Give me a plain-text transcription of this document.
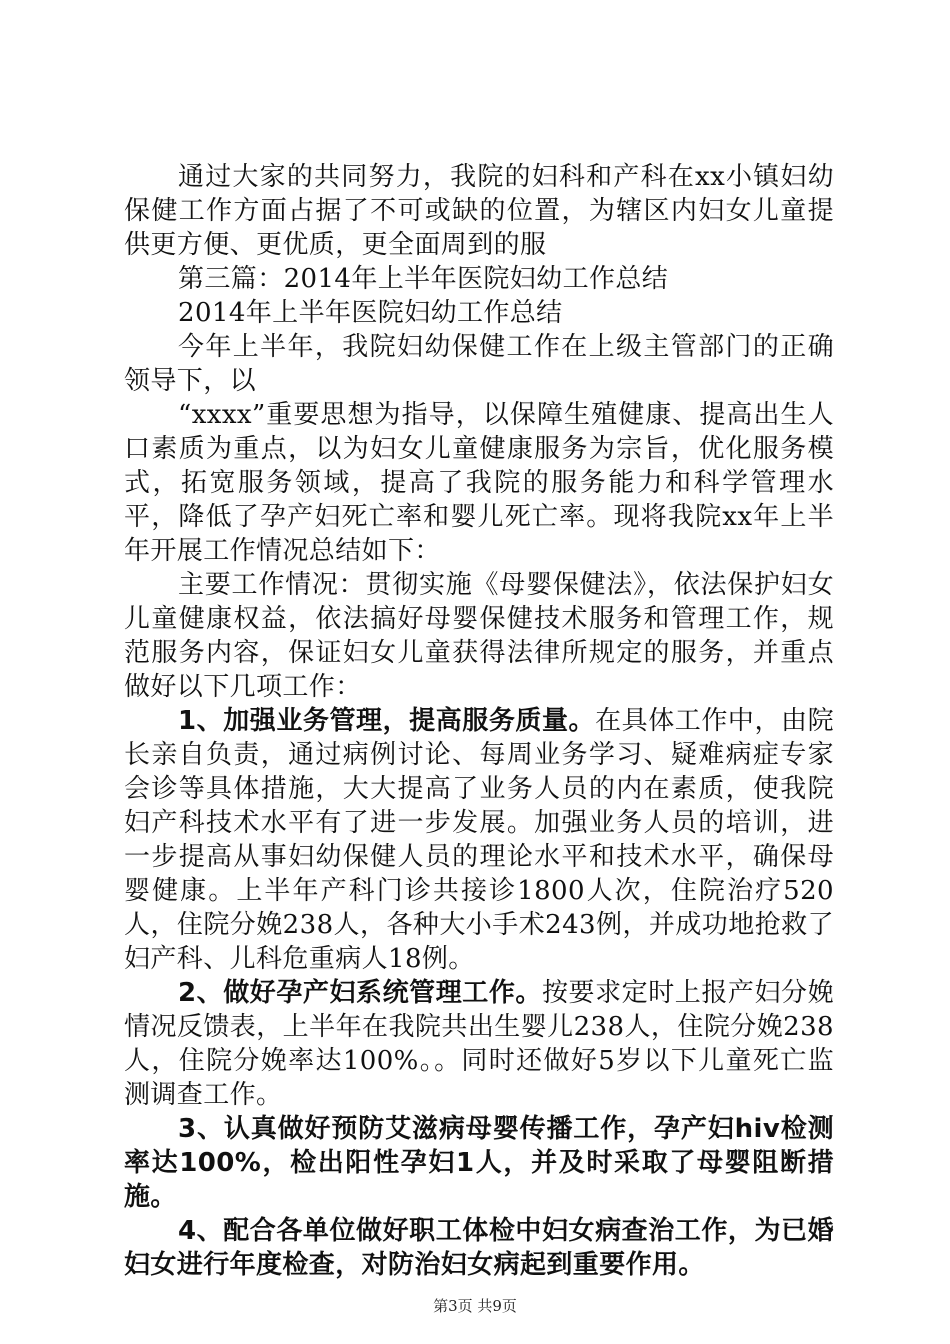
通过大家的共同努力，我院的妇科和产科在xx小镇妇幼保健工作方面占据了不可或缺的位置，为辖区内妇女儿童提供更方便、更优质，更全面周到的服

第三篇：2014年上半年医院妇幼工作总结

2014年上半年医院妇幼工作总结

今年上半年，我院妇幼保健工作在上级主管部门的正确领导下，以

“xxxx”重要思想为指导，以保障生殖健康、提高出生人口素质为重点，以为妇女儿童健康服务为宗旨，优化服务模式，拓宽服务领域，提高了我院的服务能力和科学管理水平，降低了孕产妇死亡率和婴儿死亡率。现将我院xx年上半年开展工作情况总结如下：

主要工作情况：贯彻实施《母婴保健法》，依法保护妇女儿童健康权益，依法搞好母婴保健技术服务和管理工作，规范服务内容，保证妇女儿童获得法律所规定的服务，并重点做好以下几项工作：

1、加强业务管理，提高服务质量。在具体工作中，由院长亲自负责，通过病例讨论、每周业务学习、疑难病症专家会诊等具体措施，大大提高了业务人员的内在素质，使我院妇产科技术水平有了进一步发展。加强业务人员的培训，进一步提高从事妇幼保健人员的理论水平和技术水平，确保母婴健康。上半年产科门诊共接诊1800人次，住院治疗520人，住院分娩238人，各种大小手术243例，并成功地抢救了妇产科、儿科危重病人18例。

2、做好孕产妇系统管理工作。按要求定时上报产妇分娩情况反馈表，上半年在我院共出生婴儿238人，住院分娩238人，住院分娩率达100%。。同时还做好5岁以下儿童死亡监测调查工作。

3、认真做好预防艾滋病母婴传播工作，孕产妇hiv检测率达100%，检出阳性孕妇1人，并及时采取了母婴阻断措施。

4、配合各单位做好职工体检中妇女病查治工作，为已婚妇女进行年度检查，对防治妇女病起到重要作用。

第3页 共9页
